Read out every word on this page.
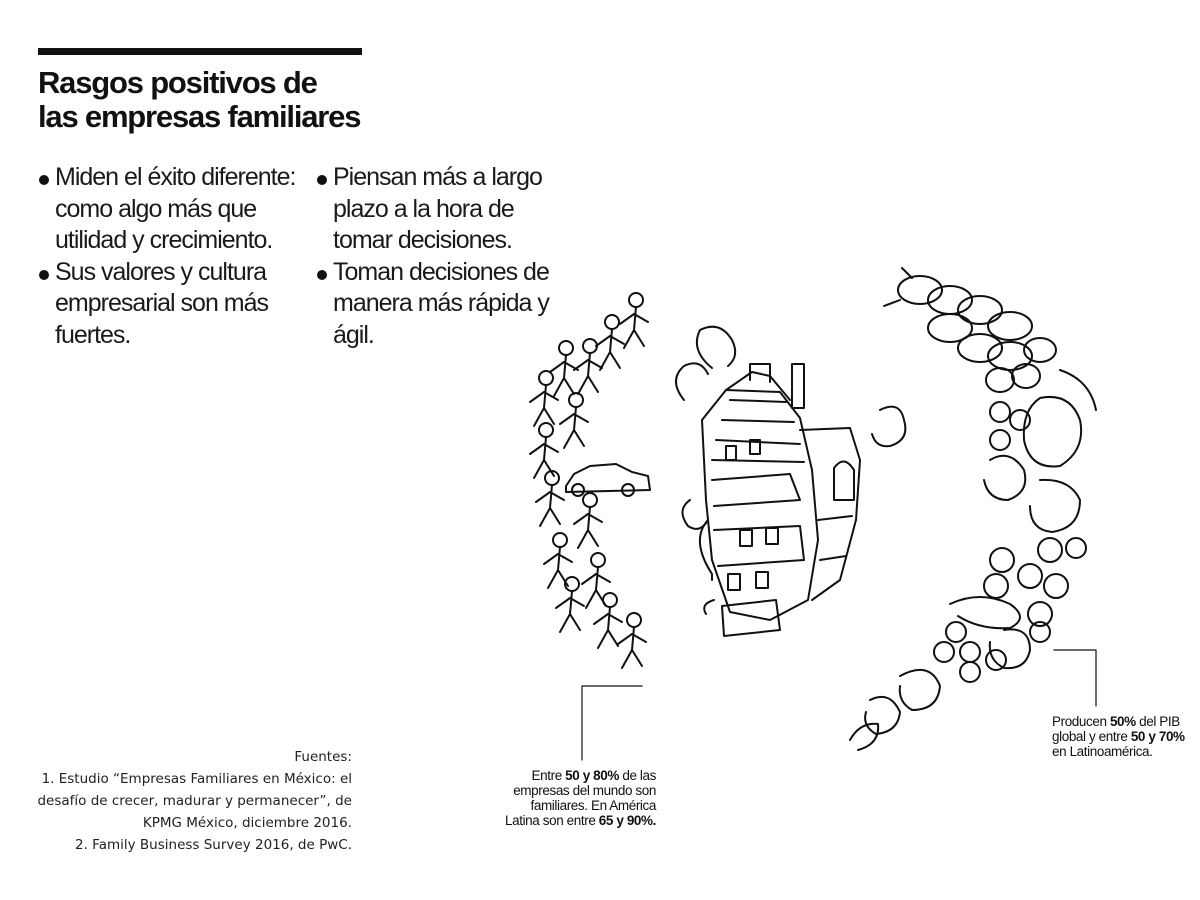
Rasgos positivos de
las empresas familiares
Miden el éxito diferente: como algo más que utilidad y crecimiento.
Sus valores y cultura empresarial son más fuertes.
Piensan más a largo plazo a la hora de tomar decisiones.
Toman decisiones de manera más rápida y ágil.
Fuentes:
1. Estudio “Empresas Familiares en México: el
desafío de crecer, madurar y permanecer”, de
KPMG México, diciembre 2016.
2. Family Business Survey 2016, de PwC.
Entre 50 y 80% de las empresas del mundo son familiares. En América Latina son entre 65 y 90%.
Producen 50% del PIB global y entre 50 y 70% en Latinoamérica.
